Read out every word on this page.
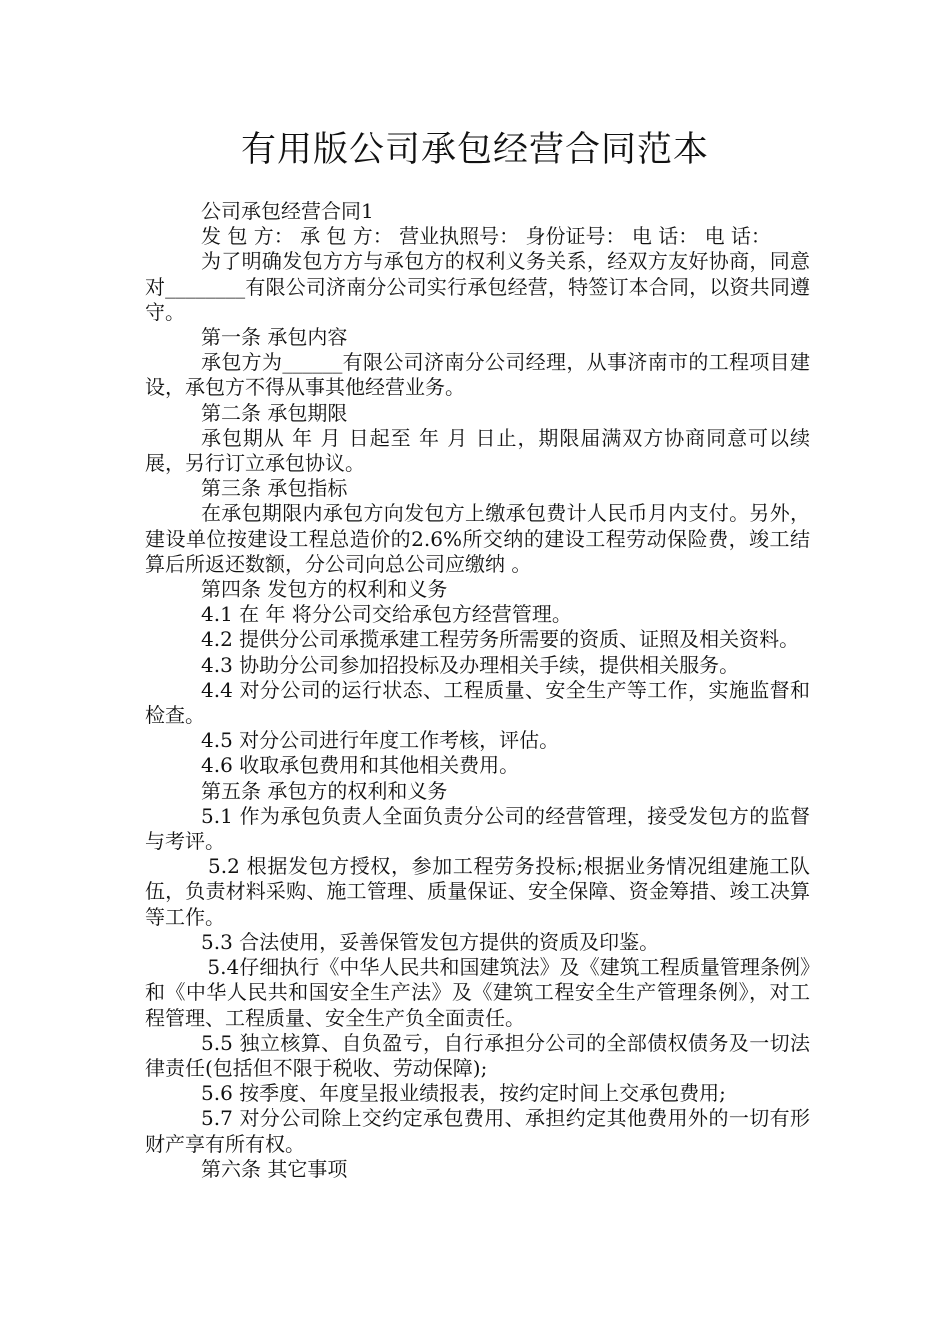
有用版公司承包经营合同范本

公司承包经营合同1

发 包 方： 承 包 方： 营业执照号： 身份证号： 电 话： 电 话：

为了明确发包方方与承包方的权利义务关系，经双方友好协商，同意对________有限公司济南分公司实行承包经营，特签订本合同，以资共同遵守。

第一条 承包内容

承包方为______有限公司济南分公司经理，从事济南市的工程项目建设，承包方不得从事其他经营业务。

第二条 承包期限

承包期从 年 月 日起至 年 月 日止，期限届满双方协商同意可以续展，另行订立承包协议。

第三条 承包指标

在承包期限内承包方向发包方上缴承包费计人民币月内支付。另外，建设单位按建设工程总造价的2.6%所交纳的建设工程劳动保险费，竣工结算后所返还数额，分公司向总公司应缴纳 。

第四条 发包方的权利和义务

4.1 在 年 将分公司交给承包方经营管理。

4.2 提供分公司承揽承建工程劳务所需要的资质、证照及相关资料。

4.3 协助分公司参加招投标及办理相关手续，提供相关服务。

4.4 对分公司的运行状态、工程质量、安全生产等工作，实施监督和检查。

4.5 对分公司进行年度工作考核，评估。

4.6 收取承包费用和其他相关费用。

第五条 承包方的权利和义务

5.1 作为承包负责人全面负责分公司的经营管理，接受发包方的监督与考评。

5.2 根据发包方授权，参加工程劳务投标;根据业务情况组建施工队伍，负责材料采购、施工管理、质量保证、安全保障、资金筹措、竣工决算等工作。

5.3 合法使用，妥善保管发包方提供的资质及印鉴。

5.4仔细执行《中华人民共和国建筑法》及《建筑工程质量管理条例》和《中华人民共和国安全生产法》及《建筑工程安全生产管理条例》，对工程管理、工程质量、安全生产负全面责任。

5.5 独立核算、自负盈亏，自行承担分公司的全部债权债务及一切法律责任(包括但不限于税收、劳动保障);

5.6 按季度、年度呈报业绩报表，按约定时间上交承包费用;

5.7 对分公司除上交约定承包费用、承担约定其他费用外的一切有形财产享有所有权。

第六条 其它事项
